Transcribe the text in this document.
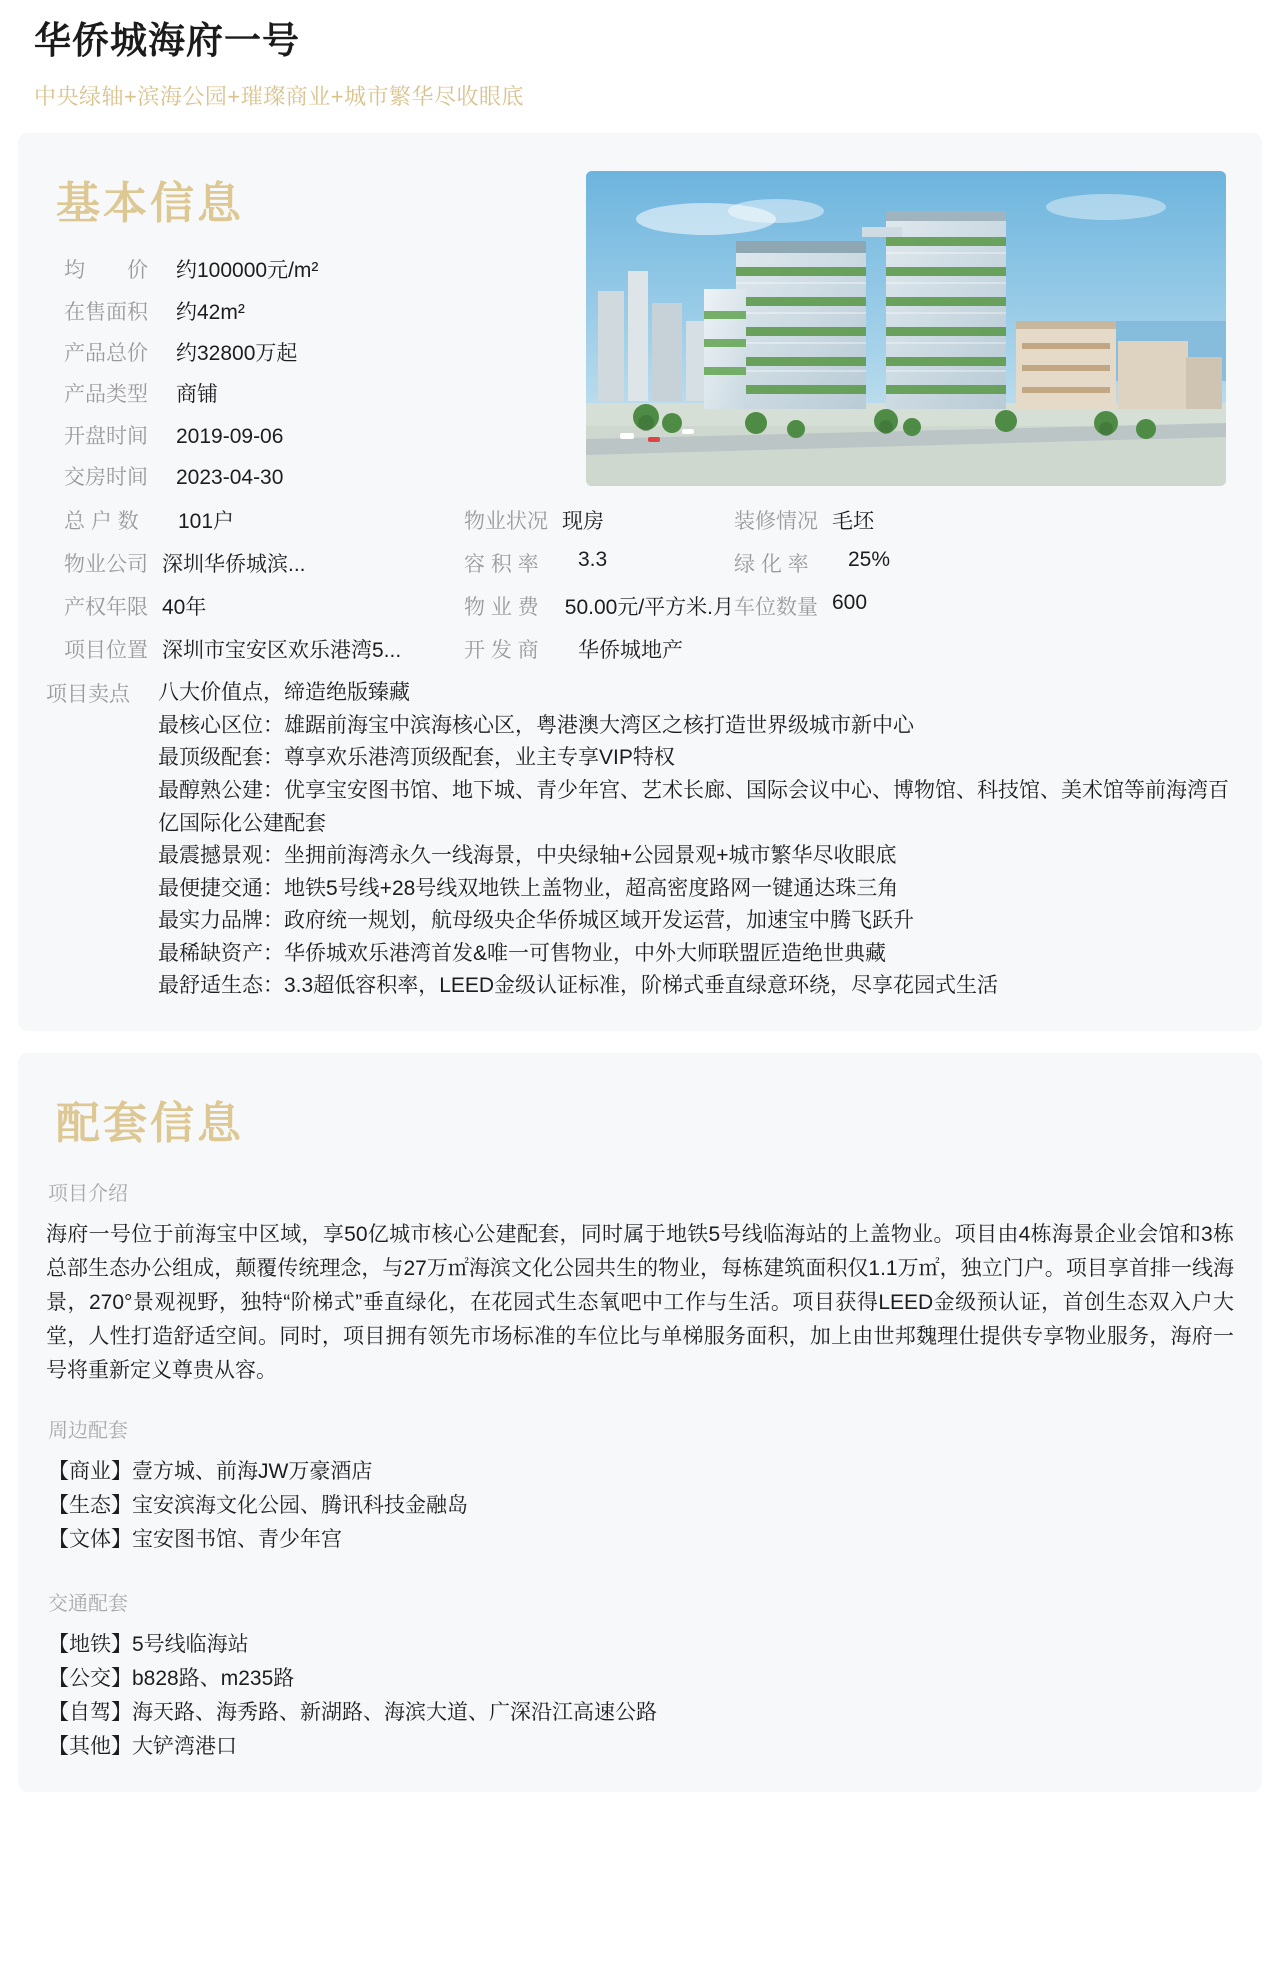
华侨城海府一号
中央绿轴+滨海公园+璀璨商业+城市繁华尽收眼底
基本信息
均　　价	约100000元/m²
在售面积	约42m²
产品总价	约32800万起
产品类型	商铺
开盘时间	2019-09-06
交房时间	2023-04-30
总 户 数	101户	物业状况 现房	装修情况 毛坯
物业公司 深圳华侨城滨...	容 积 率	3.3	绿 化 率	25%
产权年限 40年	物 业 费	50.00元/平方米.月 车位数量 600
项目位置 深圳市宝安区欢乐港湾5...	开 发 商	华侨城地产
项目卖点	八大价值点，缔造绝版臻藏
最核心区位：雄踞前海宝中滨海核心区，粤港澳大湾区之核打造世界级城市新中心
最顶级配套：尊享欢乐港湾顶级配套，业主专享VIP特权
最醇熟公建：优享宝安图书馆、地下城、青少年宫、艺术长廊、国际会议中心、博物馆、科技馆、美术馆等前海湾百亿国际化公建配套
最震撼景观：坐拥前海湾永久一线海景，中央绿轴+公园景观+城市繁华尽收眼底
最便捷交通：地铁5号线+28号线双地铁上盖物业，超高密度路网一键通达珠三角
最实力品牌：政府统一规划，航母级央企华侨城区域开发运营，加速宝中腾飞跃升
最稀缺资产：华侨城欢乐港湾首发&唯一可售物业，中外大师联盟匠造绝世典藏
最舒适生态：3.3超低容积率，LEED金级认证标准，阶梯式垂直绿意环绕，尽享花园式生活
配套信息
项目介绍

海府一号位于前海宝中区域，享50亿城市核心公建配套，同时属于地铁5号线临海站的上盖物业。项目由4栋海景企业会馆和3栋总部生态办公组成，颠覆传统理念，与27万㎡海滨文化公园共生的物业，每栋建筑面积仅1.1万㎡，独立门户。项目享首排一线海景，270°景观视野，独特“阶梯式”垂直绿化，在花园式生态氧吧中工作与生活。项目获得LEED金级预认证，首创生态双入户大堂，人性打造舒适空间。同时，项目拥有领先市场标准的车位比与单梯服务面积，加上由世邦魏理仕提供专享物业服务，海府一号将重新定义尊贵从容。

周边配套
【商业】壹方城、前海JW万豪酒店
【生态】宝安滨海文化公园、腾讯科技金融岛
【文体】宝安图书馆、青少年宫
交通配套
【地铁】5号线临海站
【公交】b828路、m235路
【自驾】海天路、海秀路、新湖路、海滨大道、广深沿江高速公路
【其他】大铲湾港口
